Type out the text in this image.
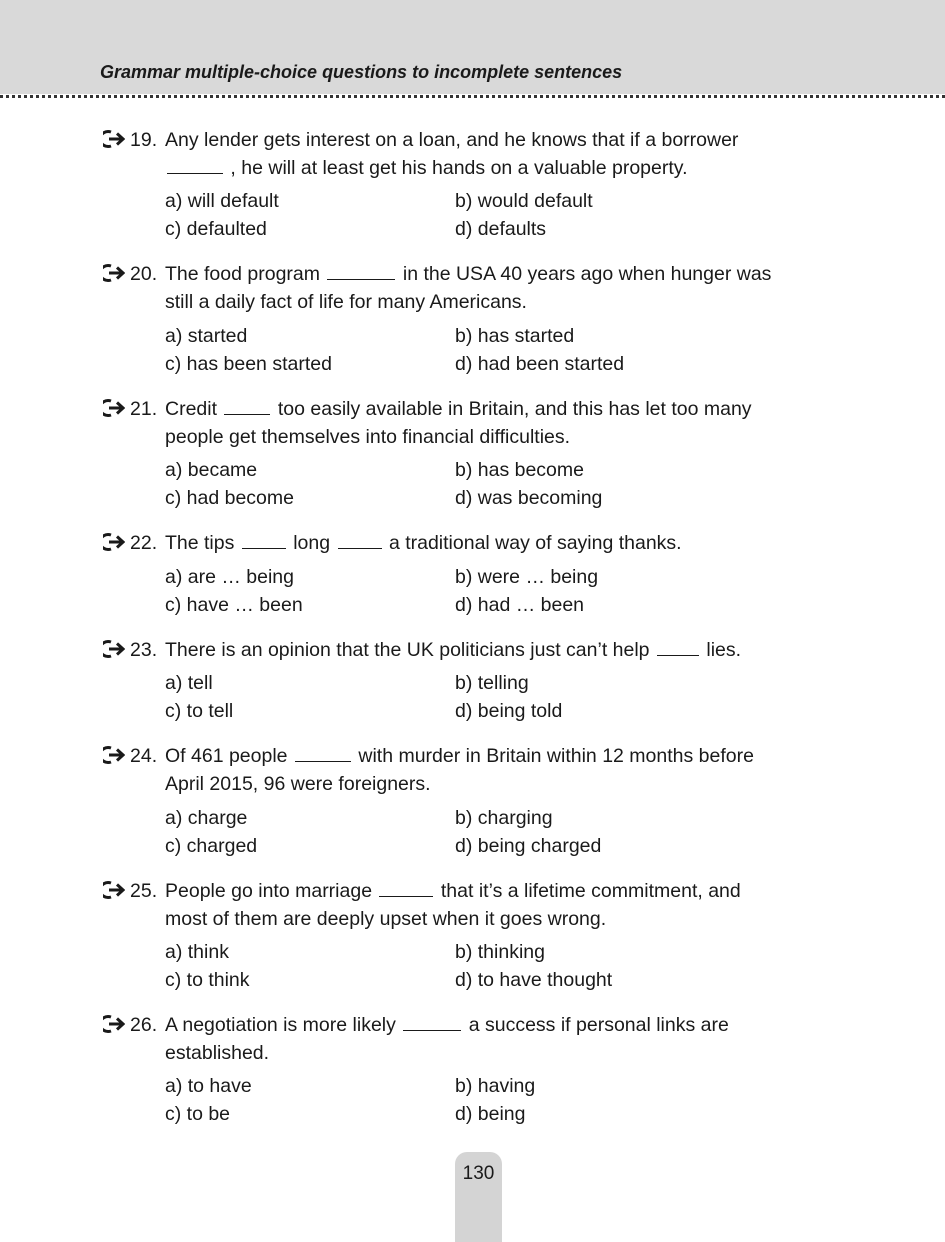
Grammar multiple-choice questions to incomplete sentences
19. Any lender gets interest on a loan, and he knows that if a borrower
, he will at least get his hands on a valuable property.
a) will default	b) would default
c) defaulted	d) defaults
20. The food program	in the USA 40 years ago when hunger was
still a daily fact of life for many Americans.
a) started	b) has started
c) has been started	d) had been started
21. Credit	too easily available in Britain, and this has let too many
people get themselves into financial difficulties.
a) became	b) has become
c) had become	d) was becoming
22. The tips	long	a traditional way of saying thanks.
a) are … being	b) were … being
c) have … been	d) had … been
23. There is an opinion that the UK politicians just can’t help	lies.
a) tell	b) telling
c) to tell	d) being told
24. Of 461 people	with murder in Britain within 12 months before
April 2015, 96 were foreigners.
a) charge	b) charging
c) charged	d) being charged
25. People go into marriage	that it’s a lifetime commitment, and
most of them are deeply upset when it goes wrong.
a) think	b) thinking
c) to think	d) to have thought
26. A negotiation is more likely	a success if personal links are
established.
a) to have	b) having
c) to be	d) being
130
